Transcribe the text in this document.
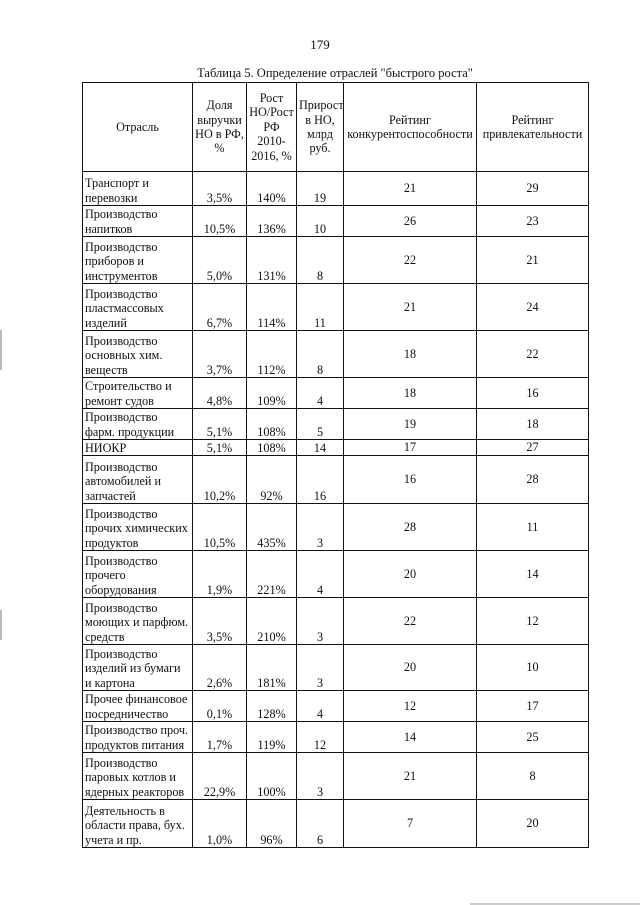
179
Таблица 5. Определение отраслей "быстрого роста"
Отрасль	Доля выручки НО в РФ, %	Рост НО/Рост РФ 2010-2016, %	Прирост в НО, млрд руб.	Рейтинг конкурентоспособности	Рейтинг привлекательности
Транспорт и перевозки	3,5%	140%	19	21	29
Производство напитков	10,5%	136%	10	26	23
Производство приборов и инструментов	5,0%	131%	8	22	21
Производство пластмассовых изделий	6,7%	114%	11	21	24
Производство основных хим. веществ	3,7%	112%	8	18	22
Строительство и ремонт судов	4,8%	109%	4	18	16
Производство фарм. продукции	5,1%	108%	5	19	18
НИОКР	5,1%	108%	14	17	27
Производство автомобилей и запчастей	10,2%	92%	16	16	28
Производство прочих химических продуктов	10,5%	435%	3	28	11
Производство прочего оборудования	1,9%	221%	4	20	14
Производство моющих и парфюм. средств	3,5%	210%	3	22	12
Производство изделий из бумаги и картона	2,6%	181%	3	20	10
Прочее финансовое посредничество	0,1%	128%	4	12	17
Производство проч. продуктов питания	1,7%	119%	12	14	25
Производство паровых котлов и ядерных реакторов	22,9%	100%	3	21	8
Деятельность в области права, бух. учета и пр.	1,0%	96%	6	7	20
